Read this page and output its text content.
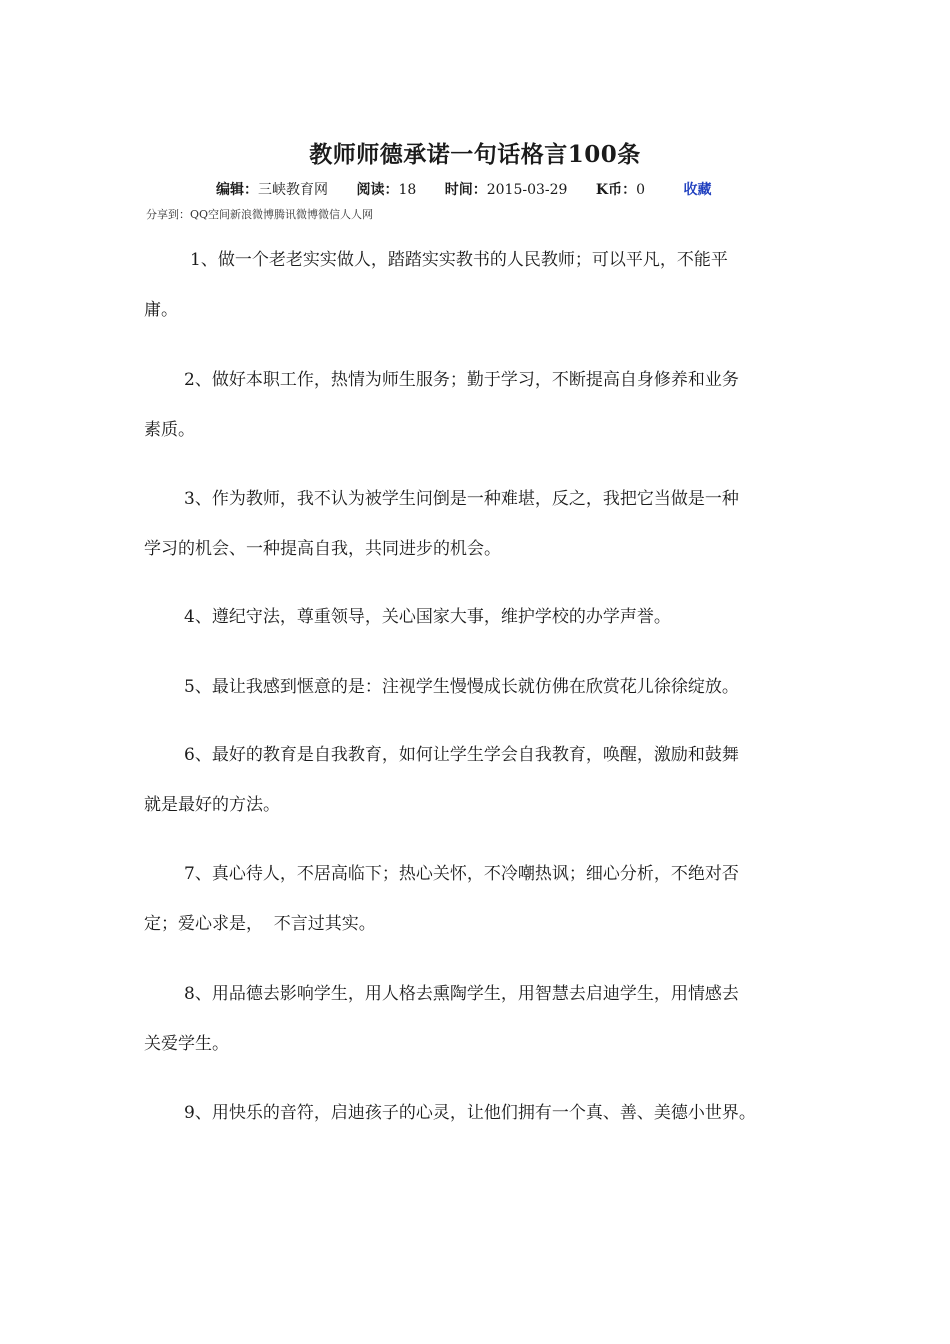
教师师德承诺一句话格言100条
编辑：三峡教育网 阅读：18 时间：2015-03-29 K币：0	收藏
分享到：QQ空间新浪微博腾讯微博微信人人网
1、做一个老老实实做人，踏踏实实教书的人民教师；可以平凡，不能平
庸。
2、做好本职工作，热情为师生服务；勤于学习，不断提高自身修养和业务
素质。
3、作为教师，我不认为被学生问倒是一种难堪，反之，我把它当做是一种
学习的机会、一种提高自我，共同进步的机会。
4、遵纪守法，尊重领导，关心国家大事，维护学校的办学声誉。
5、最让我感到惬意的是：注视学生慢慢成长就仿佛在欣赏花儿徐徐绽放。
6、最好的教育是自我教育，如何让学生学会自我教育，唤醒，激励和鼓舞
就是最好的方法。
7、真心待人，不居高临下；热心关怀，不冷嘲热讽；细心分析，不绝对否
定；爱心求是，  不言过其实。
8、用品德去影响学生，用人格去熏陶学生，用智慧去启迪学生，用情感去
关爱学生。
9、用快乐的音符，启迪孩子的心灵，让他们拥有一个真、善、美德小世界。
